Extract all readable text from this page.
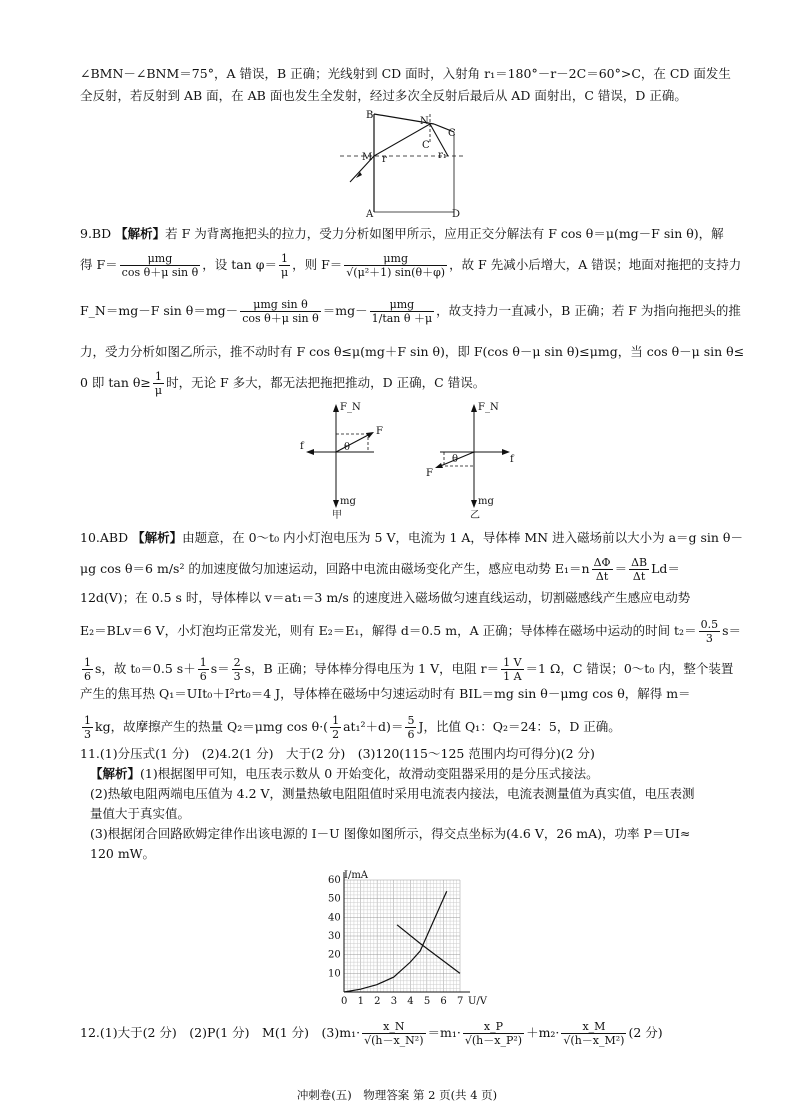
∠BMN－∠BNM＝75°，A 错误，B 正确；光线射到 CD 面时，入射角 r₁＝180°－r－2C＝60°>C，在 CD 面发生
全反射，若反射到 AB 面，在 AB 面也发生全发射，经过多次全反射后最后从 AD 面射出，C 错误，D 正确。
B
N
C
C
M r	r₁
A	D
9.BD 【解析】若 F 为背离拖把头的拉力，受力分析如图甲所示，应用正交分解法有 F cos θ＝μ(mg－F sin θ)，解
得 $F= \frac{\text{μmg}}{\text{cos θ＋μ sin θ}}$ ，设 $\tan \varphi= \frac{1}{\mu}$ ，则 $F= \frac{\text{μmg}}{\text{√(μ²＋1) sin(θ＋φ)}}$ ，故 F 先减小后增大，A 错误；地面对拖把的支持力
F_N＝mg－F $\sin \theta=mg- \frac{\text{μmg sin θ}}{\text{cos θ＋μ sin θ}} =mg- \frac{\text{μmg}}{\text{1/tan θ ＋μ}}$ ，故支持力一直减小，B 正确；若 F 为指向拖把头的推
力，受力分析如图乙所示，推不动时有 F cos θ≤μ(mg＋F sin θ)，即 F(cos θ－μ sin θ)≤μmg，当 cos θ－μ sin θ≤
0 即 $\tan \theta\ge \frac{1}{\mu}$ 时，无论 F 多大，都无法把拖把推动，D 正确，C 错误。
F_N
f
F
θ
mg
甲
F_N
f
F
θ
mg
乙
10.ABD 【解析】由题意，在 0～t₀ 内小灯泡电压为 5 V，电流为 1 A，导体棒 MN 进入磁场前以大小为 a＝g sin θ－
μg cos θ＝6 m/s² 的加速度做匀加速运动，回路中电流由磁场变化产生，感应电动势 $E_1=n \frac{\Delta\Phi}{\Delta t} = \frac{\Delta B}{\Delta t} Ld=$
12d(V)；在 0.5 s 时，导体棒以 v＝at₁＝3 m/s 的速度进入磁场做匀速直线运动，切割磁感线产生感应电动势
E₂＝BLv＝6 V，小灯泡均正常发光，则有 E₂＝E₁，解得 d＝0.5 m，A 正确；导体棒在磁场中运动的时间 $t_2= \frac{0.5}{3} s=$
$\frac{1}{6}$ s，故 t₀＝0.5 $s+ \frac{1}{6} s= \frac{2}{3}$ s，B 正确；导体棒分得电压为 1 V，电阻 $r= \frac{1 V}{1 A} =1$ Ω，C 错误；0～t₀ 内，整个装置
产生的焦耳热 Q₁＝UIt₀＋I²rt₀＝4 J，导体棒在磁场中匀速运动时有 BIL＝mg sin θ－μmg cos θ，解得 m＝
$\frac{1}{3}$ kg，故摩擦产生的热量 Q₂＝μmg $\cos \theta\cdot( \frac{1}{2} at_1^2+d)= \frac{5}{6}$ J，比值 Q₁：Q₂＝24：5，D 正确。
11.(1)分压式(1 分)　(2)4.2(1 分)　大于(2 分)　(3)120(115～125 范围内均可得分)(2 分)
【解析】(1)根据图甲可知，电压表示数从 0 开始变化，故滑动变阻器采用的是分压式接法。
(2)热敏电阻两端电压值为 4.2 V，测量热敏电阻阻值时采用电流表内接法，电流表测量值为真实值，电压表测
量值大于真实值。
(3)根据闭合回路欧姆定律作出该电源的 I－U 图像如图所示，得交点坐标为(4.6 V，26 mA)，功率 P＝UI≈
120 mW。
0 1 2 3 4 5 6 7
10
20
30
40
50
60 I/mA
U/V
12.(1)大于(2 分)　(2)P(1 分)　M(1 分)　$(3)m_1\cdot \frac{x\_N}{\text{√(h－x\_N²)}} =m_1\cdot \frac{x\_P}{\text{√(h－x\_P²)}} +m_2\cdot \frac{x\_M}{\text{√(h－x\_M²)}} (2$ 分)
冲刺卷(五)　物理答案 第 2 页(共 4 页)
